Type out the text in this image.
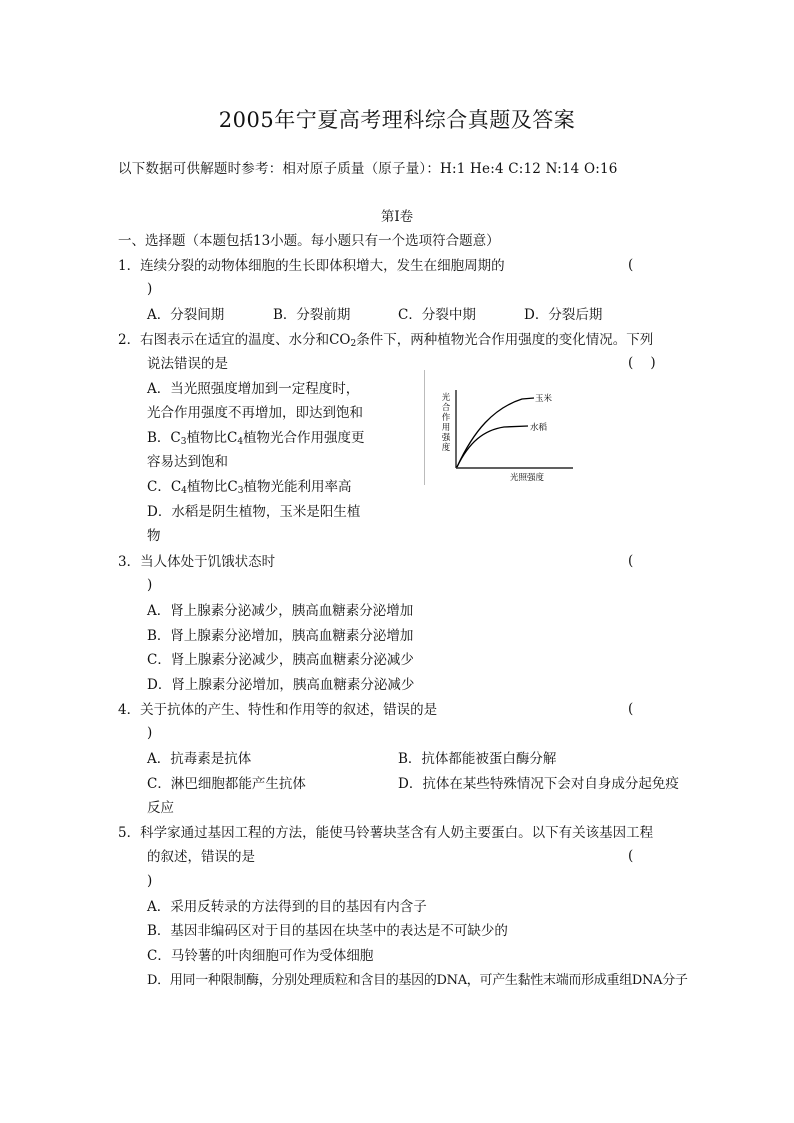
2005年宁夏高考理科综合真题及答案
以下数据可供解题时参考：相对原子质量（原子量）：H:1 He:4 C:12 N:14 O:16
第I卷
一、选择题（本题包括13小题。每小题只有一个选项符合题意）
1．连续分裂的动物体细胞的生长即体积增大，发生在细胞周期的	(
)
A．分裂间期	B．分裂前期	C．分裂中期	D．分裂后期
2．右图表示在适宜的温度、水分和$CO_2$条件下，两种植物光合作用强度的变化情况。下列
说法错误的是	(    )
A．当光照强度增加到一定程度时，
光合作用强度不再增加，即达到饱和
B．$C_3$植物比$C_4$植物光合作用强度更
容易达到饱和
C．$C_4$植物比$C_3$植物光能利用率高
D．水稻是阴生植物，玉米是阳生植
物
玉米
水稻
光照强度
光合作用强度
3．当人体处于饥饿状态时	(
)
A．肾上腺素分泌减少，胰高血糖素分泌增加
B．肾上腺素分泌增加，胰高血糖素分泌增加
C．肾上腺素分泌减少，胰高血糖素分泌减少
D．肾上腺素分泌增加，胰高血糖素分泌减少
4．关于抗体的产生、特性和作用等的叙述，错误的是	(
)
A．抗毒素是抗体	B．抗体都能被蛋白酶分解
C．淋巴细胞都能产生抗体	D．抗体在某些特殊情况下会对自身成分起免疫
反应
5．科学家通过基因工程的方法，能使马铃薯块茎含有人奶主要蛋白。以下有关该基因工程
的叙述，错误的是	(
)
A．采用反转录的方法得到的目的基因有内含子
B．基因非编码区对于目的基因在块茎中的表达是不可缺少的
C．马铃薯的叶肉细胞可作为受体细胞
D．用同一种限制酶，分别处理质粒和含目的基因的DNA，可产生黏性末端而形成重组DNA分子
